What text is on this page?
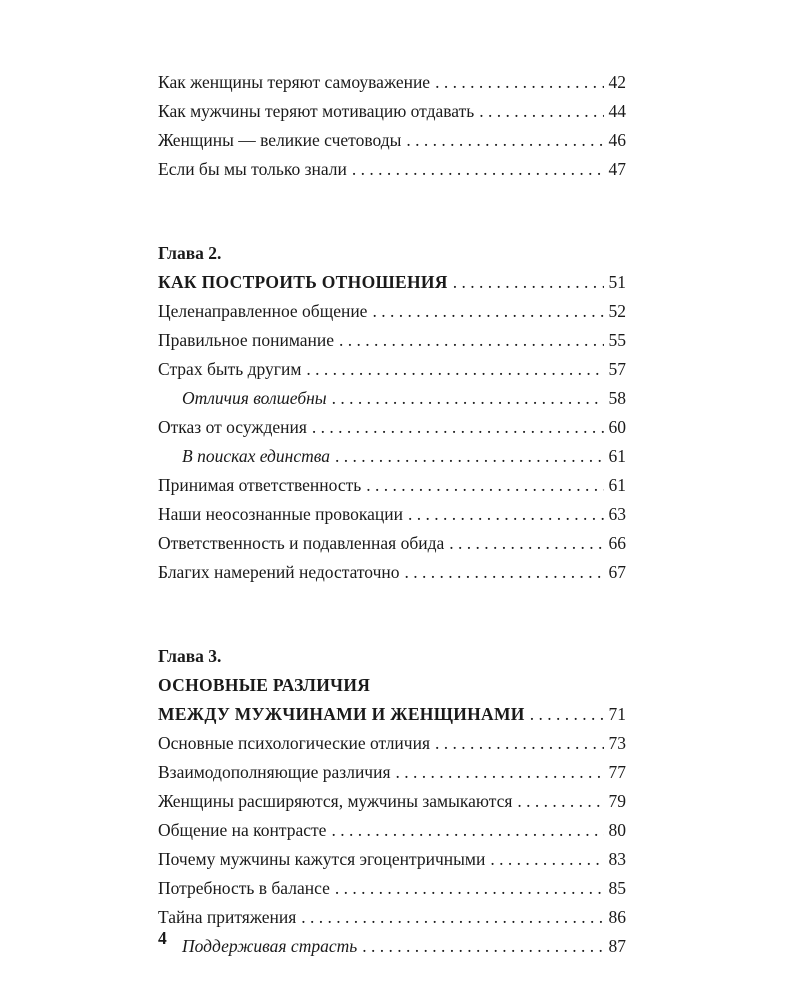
Как женщины теряют самоуважение . . .	42
Как мужчины теряют мотивацию отдавать . . .	44
Женщины — великие счетоводы . . .	46
Если бы мы только знали . . .	47
Глава 2.
КАК ПОСТРОИТЬ ОТНОШЕНИЯ . . .	51
Целенаправленное общение . . .	52
Правильное понимание . . .	55
Страх быть другим . . .	57
Отличия волшебны . . .	58
Отказ от осуждения . . .	60
В поисках единства . . .	61
Принимая ответственность . . .	61
Наши неосознанные провокации . . .	63
Ответственность и подавленная обида . . .	66
Благих намерений недостаточно . . .	67
Глава 3.
ОСНОВНЫЕ РАЗЛИЧИЯ
МЕЖДУ МУЖЧИНАМИ И ЖЕНЩИНАМИ . . .	71
Основные психологические отличия . . .	73
Взаимодополняющие различия . . .	77
Женщины расширяются, мужчины замыкаются . . .	79
Общение на контрасте . . .	80
Почему мужчины кажутся эгоцентричными . . .	83
Потребность в балансе . . .	85
Тайна притяжения . . .	86
Поддерживая страсть . . .	87
4
